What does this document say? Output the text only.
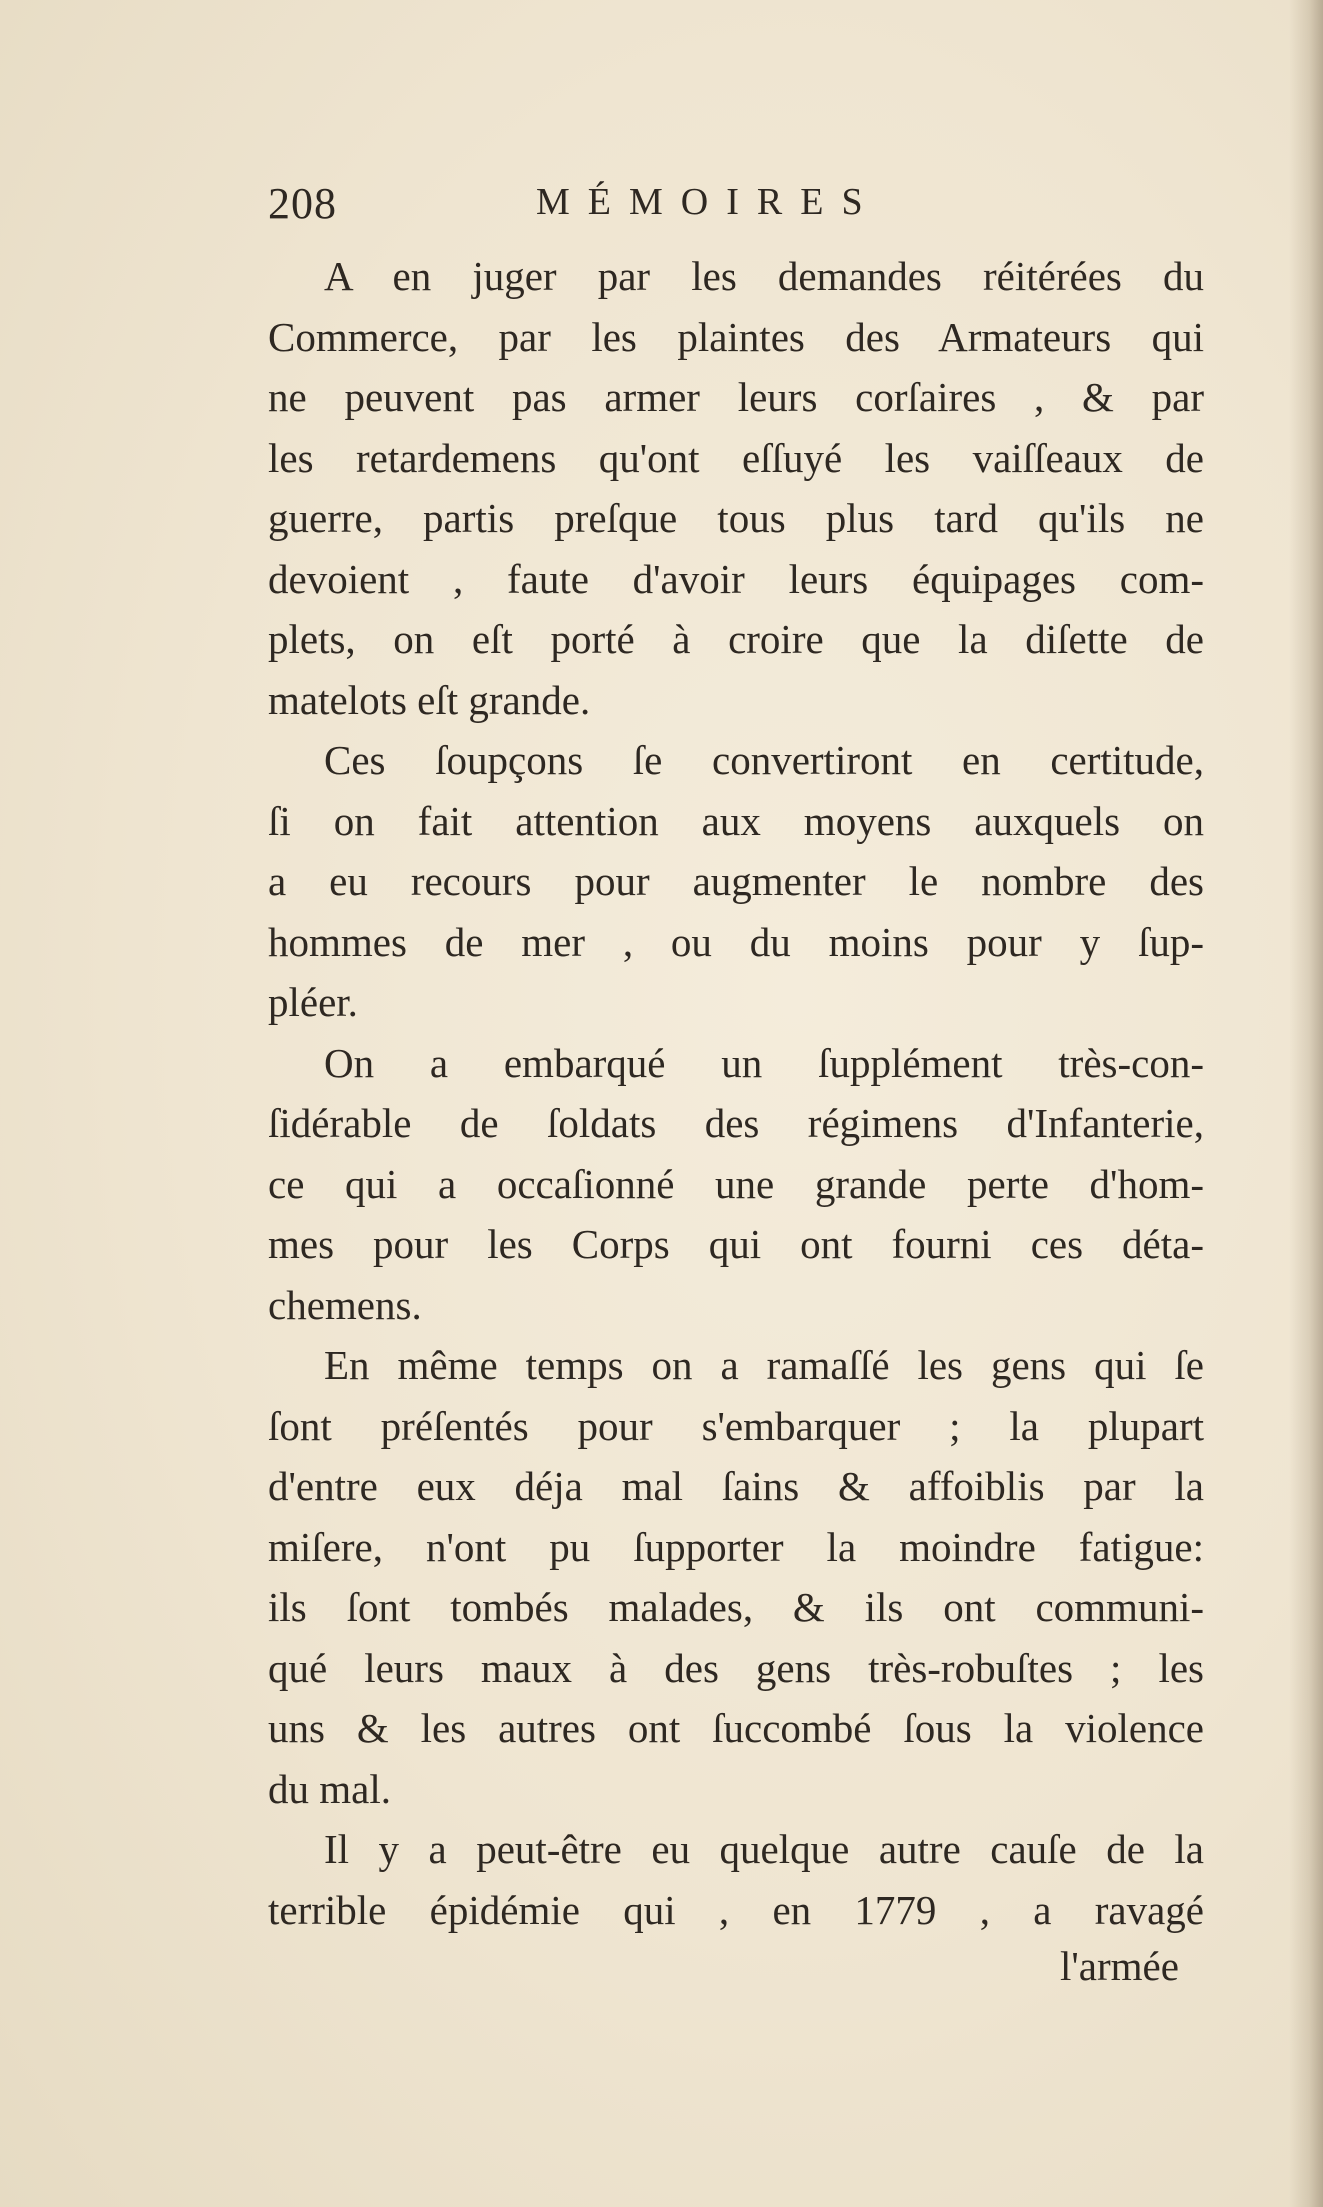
208	MÉMOIRES
A en juger par les demandes réitérées du
Commerce, par les plaintes des Armateurs qui
ne peuvent pas armer leurs corſaires , & par
les retardemens qu'ont eſſuyé les vaiſſeaux de
guerre, partis preſque tous plus tard qu'ils ne
devoient , faute d'avoir leurs équipages com-
plets, on eſt porté à croire que la diſette de
matelots eſt grande.
Ces ſoupçons ſe convertiront en certitude,
ſi on fait attention aux moyens auxquels on
a eu recours pour augmenter le nombre des
hommes de mer , ou du moins pour y ſup-
pléer.
On a embarqué un ſupplément très-con-
ſidérable de ſoldats des régimens d'Infanterie,
ce qui a occaſionné une grande perte d'hom-
mes pour les Corps qui ont fourni ces déta-
chemens.
En même temps on a ramaſſé les gens qui ſe
ſont préſentés pour s'embarquer ; la plupart
d'entre eux déja mal ſains & affoiblis par la
miſere, n'ont pu ſupporter la moindre fatigue:
ils ſont tombés malades, & ils ont communi-
qué leurs maux à des gens très-robuſtes ; les
uns & les autres ont ſuccombé ſous la violence
du mal.
Il y a peut-être eu quelque autre cauſe de la
terrible épidémie qui , en 1779 , a ravagé
l'armée
